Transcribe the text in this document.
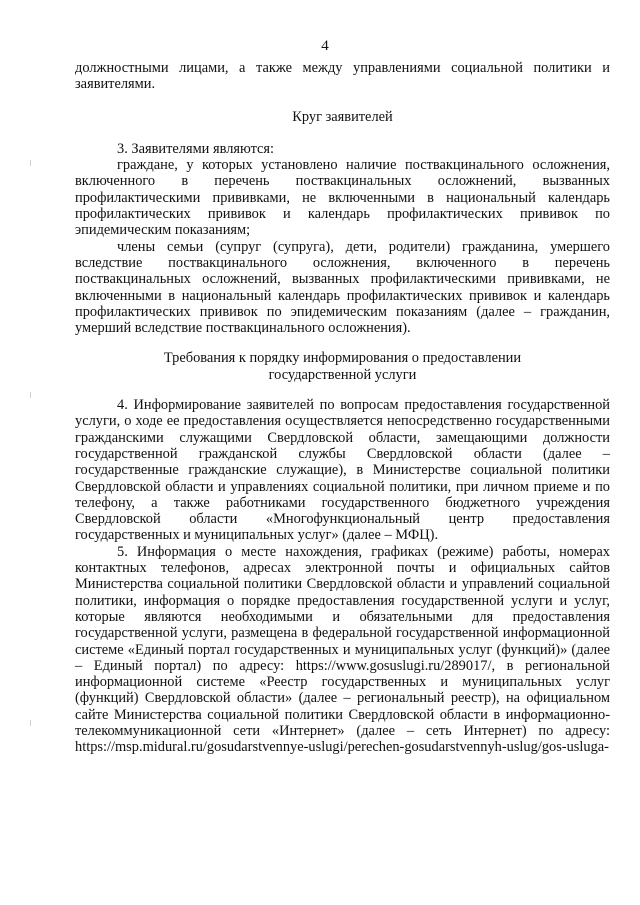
4

должностными лицами, а также между управлениями социальной политики и заявителями.

Круг заявителей

3. Заявителями являются:

граждане, у которых установлено наличие поствакцинального осложнения, включенного в перечень поствакцинальных осложнений, вызванных профилактическими прививками, не включенными в национальный календарь профилактических прививок и календарь профилактических прививок по эпидемическим показаниям;

члены семьи (супруг (супруга), дети, родители) гражданина, умершего вследствие поствакцинального осложнения, включенного в перечень поствакцинальных осложнений, вызванных профилактическими прививками, не включенными в национальный календарь профилактических прививок и календарь профилактических прививок по эпидемическим показаниям (далее – гражданин, умерший вследствие поствакцинального осложнения).

Требования к порядку информирования о предоставлении

государственной услуги

4. Информирование заявителей по вопросам предоставления государственной услуги, о ходе ее предоставления осуществляется непосредственно государственными гражданскими служащими Свердловской области, замещающими должности государственной гражданской службы Свердловской области (далее – государственные гражданские служащие), в Министерстве социальной политики Свердловской области и управлениях социальной политики, при личном приеме и по телефону, а также работниками государственного бюджетного учреждения Свердловской области «Многофункциональный центр предоставления государственных и муниципальных услуг» (далее – МФЦ).

5. Информация о месте нахождения, графиках (режиме) работы, номерах контактных телефонов, адресах электронной почты и официальных сайтов Министерства социальной политики Свердловской области и управлений социальной политики, информация о порядке предоставления государственной услуги и услуг, которые являются необходимыми и обязательными для предоставления государственной услуги, размещена в федеральной государственной информационной системе «Единый портал государственных и муниципальных услуг (функций)» (далее – Единый портал) по адресу: https://www.gosuslugi.ru/289017/, в региональной информационной системе «Реестр государственных и муниципальных услуг (функций) Свердловской области» (далее – региональный реестр), на официальном сайте Министерства социальной политики Свердловской области в информационно-телекоммуникационной сети «Интернет» (далее – сеть Интернет) по адресу: https://msp.midural.ru/gosudarstvennye-uslugi/perechen-gosudarstvennyh-uslug/gos-usluga-
